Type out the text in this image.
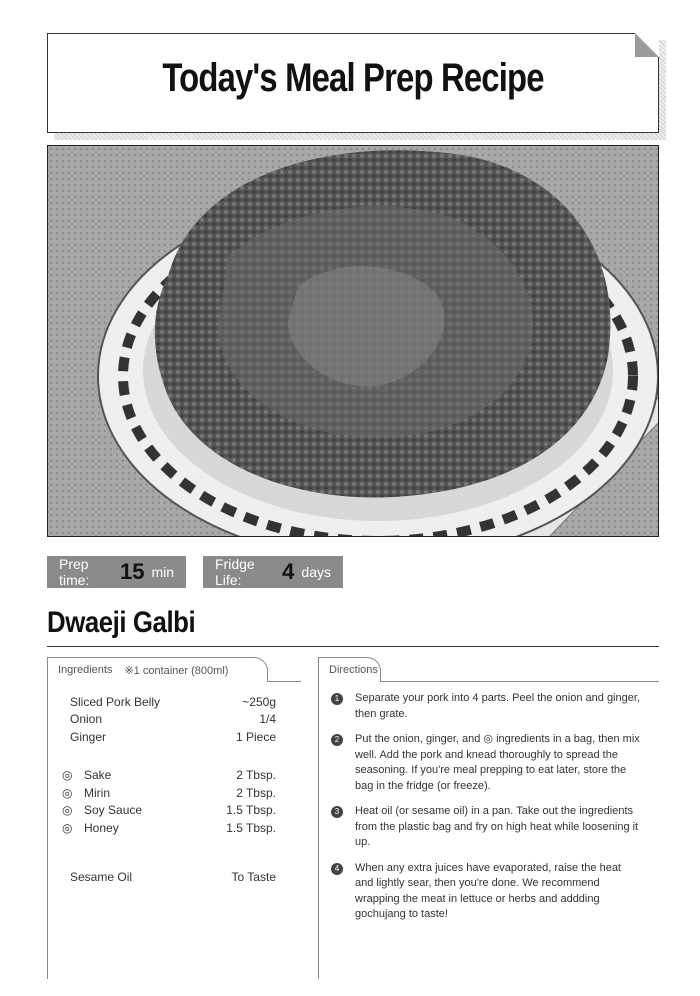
Today's Meal Prep Recipe
Prep time:	15 min	Fridge Life:	4 days
Dwaeji Galbi
Ingredients ※1 container (800ml)
Sliced Pork Belly	~250g
Onion	1/4
Ginger	1 Piece
◎ Sake	2 Tbsp.
◎ Mirin	2 Tbsp.
◎ Soy Sauce	1.5 Tbsp.
◎ Honey	1.5 Tbsp.
Sesame Oil	To Taste
Directions
1	Separate your pork into 4 parts. Peel the onion and ginger, then grate.
2	Put the onion, ginger, and ◎ ingredients in a bag, then mix well. Add the pork and knead thoroughly to spread the seasoning. If you're meal prepping to eat later, store the bag in the fridge (or freeze).
3	Heat oil (or sesame oil) in a pan. Take out the ingredients from the plastic bag and fry on high heat while loosening it up.
4	When any extra juices have evaporated, raise the heat and lightly sear, then you're done. We recommend wrapping the meat in lettuce or herbs and addding gochujang to taste!
